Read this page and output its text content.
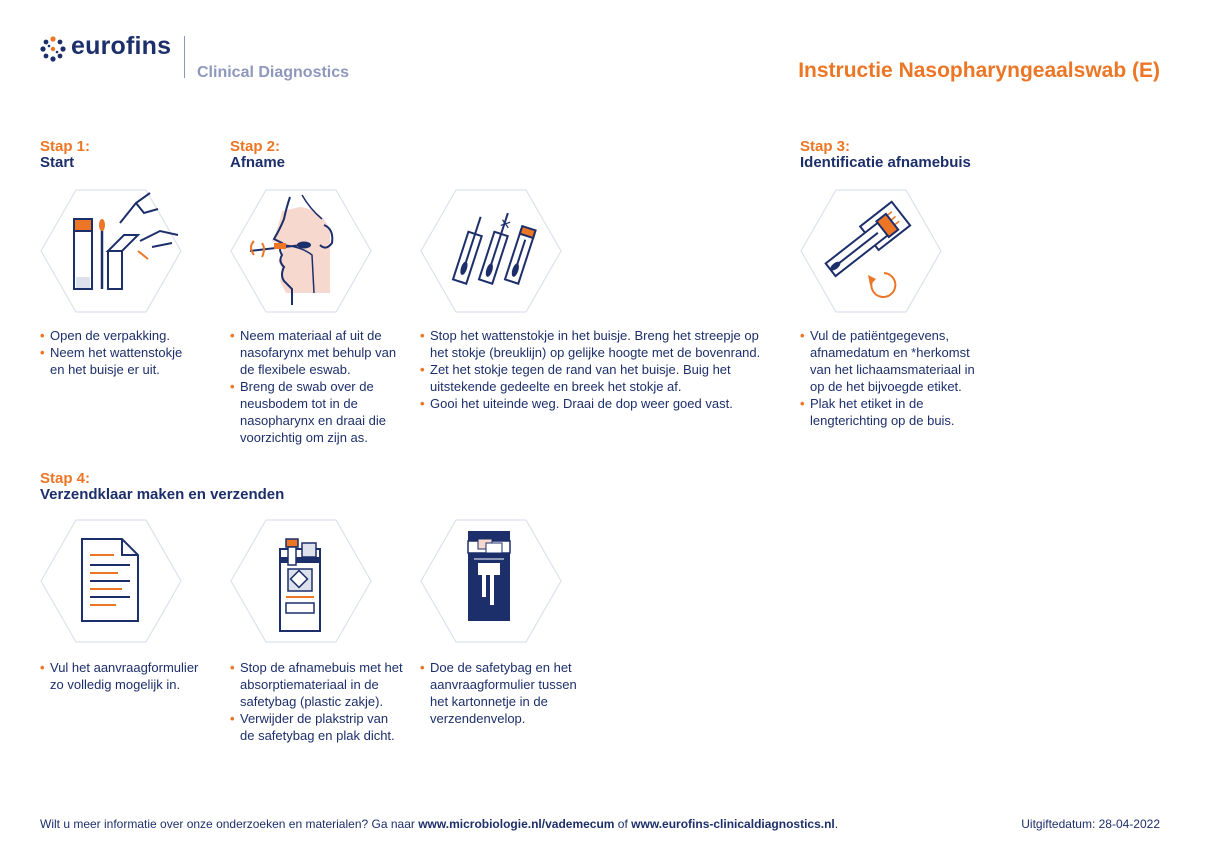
eurofins
Clinical Diagnostics	Instructie Nasopharyngeaalswab (E)
Stap 1:
Start
• Open de verpakking.
• Neem het wattenstokje en het buisje er uit.
Stap 2:
Afname
• Neem materiaal af uit de nasofarynx met behulp van de flexibele eswab.
• Breng de swab over de neusbodem tot in de nasopharynx en draai die voorzichtig om zijn as.
• Stop het wattenstokje in het buisje. Breng het streepje op het stokje (breuklijn) op gelijke hoogte met de bovenrand.
• Zet het stokje tegen de rand van het buisje. Buig het uitstekende gedeelte en breek het stokje af.
• Gooi het uiteinde weg. Draai de dop weer goed vast.
Stap 3:
Identificatie afnamebuis
• Vul de patiëntgegevens, afnamedatum en *herkomst van het lichaamsmateriaal in op de het bijvoegde etiket.
• Plak het etiket in de lengterichting op de buis.
Stap 4:
Verzendklaar maken en verzenden
• Vul het aanvraagformulier zo volledig mogelijk in.
• Stop de afnamebuis met het absorptiemateriaal in de safetybag (plastic zakje).
• Verwijder de plakstrip van de safetybag en plak dicht.
• Doe de safetybag en het aanvraagformulier tussen het kartonnetje in de verzendenvelop.
Wilt u meer informatie over onze onderzoeken en materialen? Ga naar www.microbiologie.nl/vademecum of www.eurofins-clinicaldiagnostics.nl.	Uitgiftedatum: 28-04-2022
